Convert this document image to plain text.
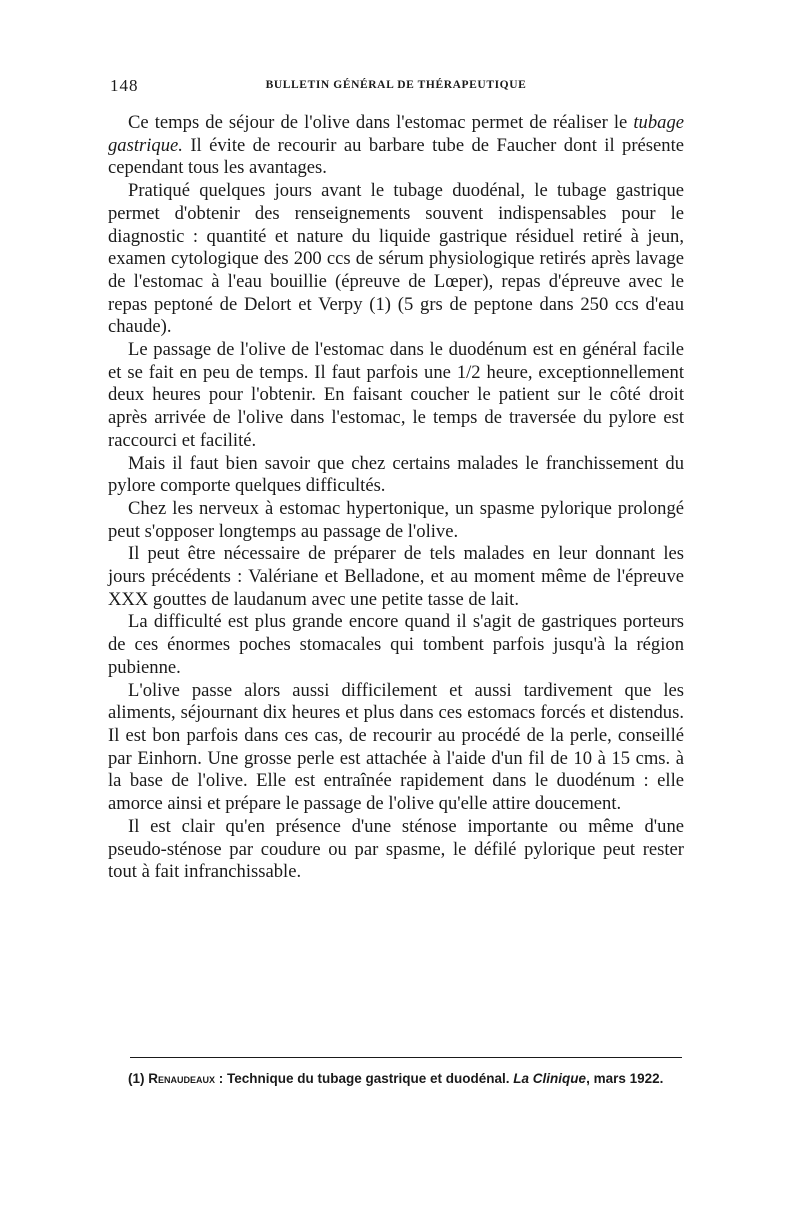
148	BULLETIN GÉNÉRAL DE THÉRAPEUTIQUE

Ce temps de séjour de l'olive dans l'estomac permet de réaliser le tubage gastrique. Il évite de recourir au barbare tube de Faucher dont il présente cependant tous les avantages.

Pratiqué quelques jours avant le tubage duodénal, le tubage gastrique permet d'obtenir des renseignements souvent indispensables pour le diagnostic : quantité et nature du liquide gastrique résiduel retiré à jeun, examen cytologique des 200 ccs de sérum physiologique retirés après lavage de l'estomac à l'eau bouillie (épreuve de Lœper), repas d'épreuve avec le repas peptoné de Delort et Verpy (1) (5 grs de peptone dans 250 ccs d'eau chaude).

Le passage de l'olive de l'estomac dans le duodénum est en général facile et se fait en peu de temps. Il faut parfois une 1/2 heure, exceptionnellement deux heures pour l'obtenir. En faisant coucher le patient sur le côté droit après arrivée de l'olive dans l'estomac, le temps de traversée du pylore est raccourci et facilité.

Mais il faut bien savoir que chez certains malades le franchissement du pylore comporte quelques difficultés.

Chez les nerveux à estomac hypertonique, un spasme pylorique prolongé peut s'opposer longtemps au passage de l'olive.

Il peut être nécessaire de préparer de tels malades en leur donnant les jours précédents : Valériane et Belladone, et au moment même de l'épreuve XXX gouttes de laudanum avec une petite tasse de lait.

La difficulté est plus grande encore quand il s'agit de gastriques porteurs de ces énormes poches stomacales qui tombent parfois jusqu'à la région pubienne.

L'olive passe alors aussi difficilement et aussi tardivement que les aliments, séjournant dix heures et plus dans ces estomacs forcés et distendus. Il est bon parfois dans ces cas, de recourir au procédé de la perle, conseillé par Einhorn. Une grosse perle est attachée à l'aide d'un fil de 10 à 15 cms. à la base de l'olive. Elle est entraînée rapidement dans le duodénum : elle amorce ainsi et prépare le passage de l'olive qu'elle attire doucement.

Il est clair qu'en présence d'une sténose importante ou même d'une pseudo-sténose par coudure ou par spasme, le défilé pylorique peut rester tout à fait infranchissable.

(1) Renaudeaux : Technique du tubage gastrique et duodénal. La Clinique, mars 1922.
